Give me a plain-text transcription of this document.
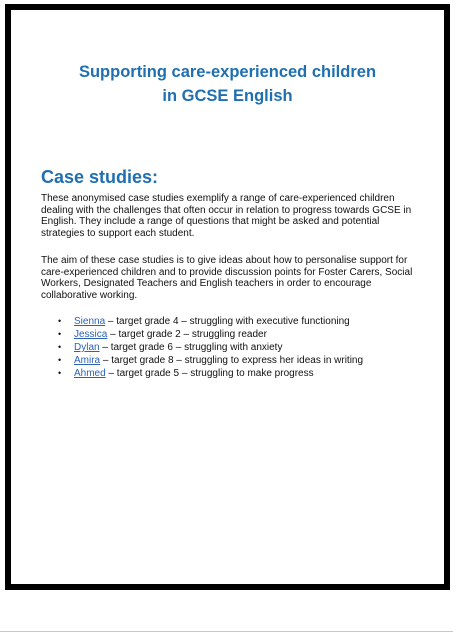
Supporting care-experienced children
in GCSE English
Case studies:

These anonymised case studies exemplify a range of care-experienced children dealing with the challenges that often occur in relation to progress towards GCSE in English. They include a range of questions that might be asked and potential strategies to support each student.

The aim of these case studies is to give ideas about how to personalise support for care-experienced children and to provide discussion points for Foster Carers, Social Workers, Designated Teachers and English teachers in order to encourage collaborative working.

• Sienna – target grade 4 – struggling with executive functioning
• Jessica – target grade 2 – struggling reader
• Dylan – target grade 6 – struggling with anxiety
• Amira – target grade 8 – struggling to express her ideas in writing
• Ahmed – target grade 5 – struggling to make progress
